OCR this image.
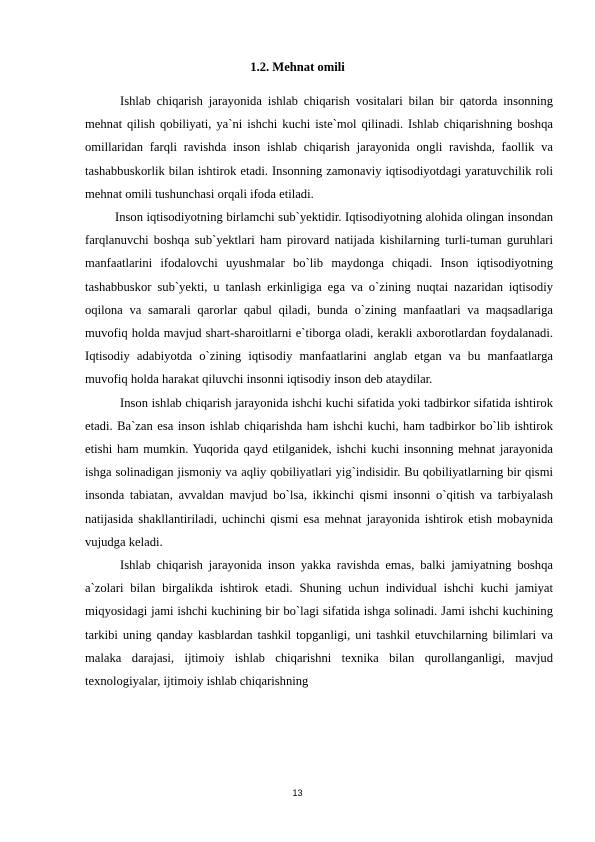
1.2. Mehnat omili

Ishlab chiqarish jarayonida ishlab chiqarish vositalari bilan bir qatorda insonning mehnat qilish qobiliyati, ya`ni ishchi kuchi iste`mol qilinadi. Ishlab chiqarishning boshqa omillaridan farqli ravishda inson ishlab chiqarish jarayonida ongli ravishda, faollik va tashabbuskorlik bilan ishtirok etadi. Insonning zamonaviy iqtisodiyotdagi yaratuvchilik roli mehnat omili tushunchasi orqali ifoda etiladi.

Inson iqtisodiyotning birlamchi sub`yektidir. Iqtisodiyotning alohida olingan insondan farqlanuvchi boshqa sub`yektlari ham pirovard natijada kishilarning turli-tuman guruhlari manfaatlarini ifodalovchi uyushmalar bo`lib maydonga chiqadi. Inson iqtisodiyotning tashabbuskor sub`yekti, u tanlash erkinligiga ega va o`zining nuqtai nazaridan iqtisodiy oqilona va samarali qarorlar qabul qiladi, bunda o`zining manfaatlari va maqsadlariga muvofiq holda mavjud shart-sharoitlarni e`tiborga oladi, kerakli axborotlardan foydalanadi. Iqtisodiy adabiyotda o`zining iqtisodiy manfaatlarini anglab etgan va bu manfaatlarga muvofiq holda harakat qiluvchi insonni iqtisodiy inson deb ataydilar.

Inson ishlab chiqarish jarayonida ishchi kuchi sifatida yoki tadbirkor sifatida ishtirok etadi. Ba`zan esa inson ishlab chiqarishda ham ishchi kuchi, ham tadbirkor bo`lib ishtirok etishi ham mumkin. Yuqorida qayd etilganidek, ishchi kuchi insonning mehnat jarayonida ishga solinadigan jismoniy va aqliy qobiliyatlari yig`indisidir. Bu qobiliyatlarning bir qismi insonda tabiatan, avvaldan mavjud bo`lsa, ikkinchi qismi insonni o`qitish va tarbiyalash natijasida shakllantiriladi, uchinchi qismi esa mehnat jarayonida ishtirok etish mobaynida vujudga keladi.

Ishlab chiqarish jarayonida inson yakka ravishda emas, balki jamiyatning boshqa a`zolari bilan birgalikda ishtirok etadi. Shuning uchun individual ishchi kuchi jamiyat miqyosidagi jami ishchi kuchining bir bo`lagi sifatida ishga solinadi. Jami ishchi kuchining tarkibi uning qanday kasblardan tashkil topganligi, uni tashkil etuvchilarning bilimlari va malaka darajasi, ijtimoiy ishlab chiqarishni texnika bilan qurollanganligi, mavjud texnologiyalar, ijtimoiy ishlab chiqarishning

13
